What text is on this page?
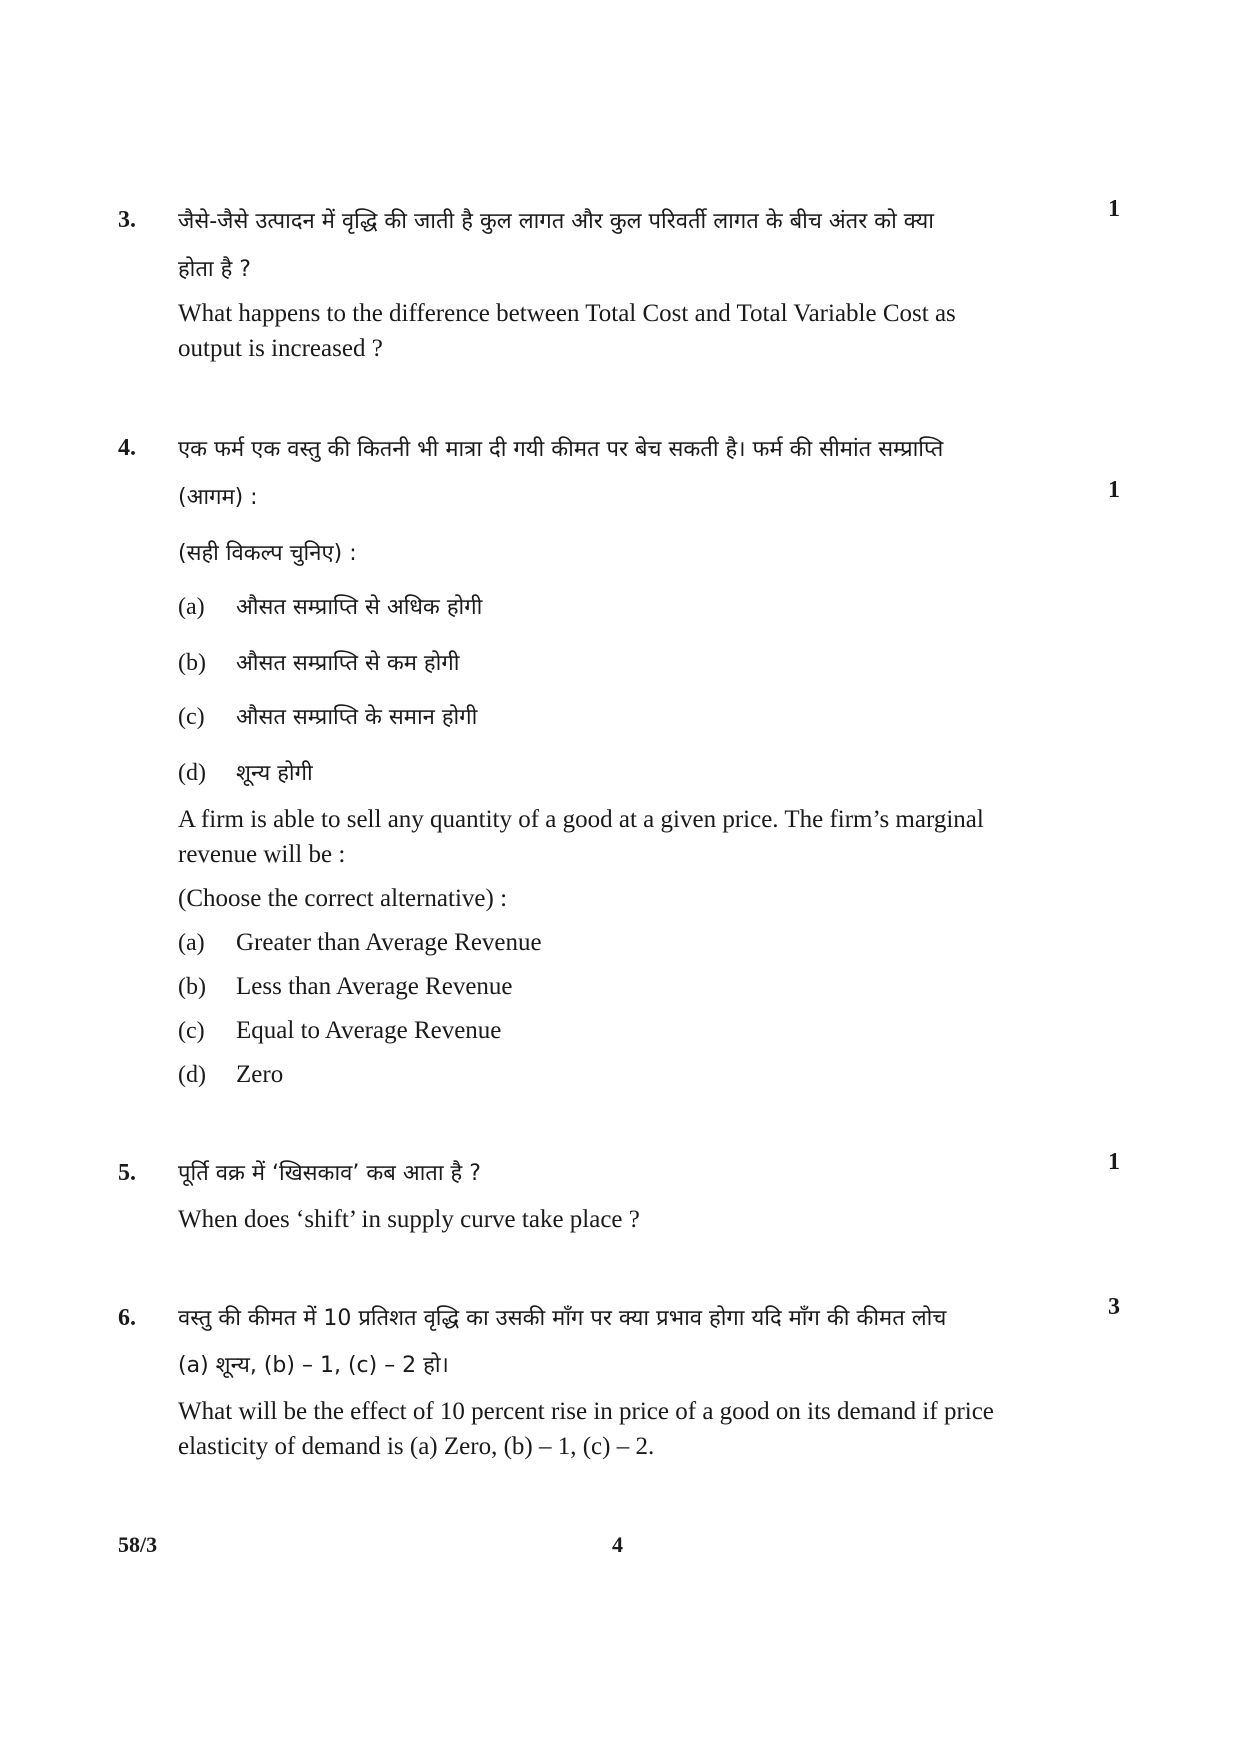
3.	1
जैसे-जैसे उत्पादन में वृद्धि की जाती है कुल लागत और कुल परिवर्ती लागत के बीच अंतर को क्या
होता है ?
What happens to the difference between Total Cost and Total Variable Cost as
output is increased ?
4.
1
एक फर्म एक वस्तु की कितनी भी मात्रा दी गयी कीमत पर बेच सकती है। फर्म की सीमांत सम्प्राप्ति
(आगम) :
(सही विकल्प चुनिए) :
(a) औसत सम्प्राप्ति से अधिक होगी
(b) औसत सम्प्राप्ति से कम होगी
(c) औसत सम्प्राप्ति के समान होगी
(d) शून्य होगी
A firm is able to sell any quantity of a good at a given price. The firm’s marginal
revenue will be :
(Choose the correct alternative) :
(a) Greater than Average Revenue
(b) Less than Average Revenue
(c) Equal to Average Revenue
(d) Zero
5.	1
पूर्ति वक्र में ‘खिसकाव’ कब आता है ?
When does ‘shift’ in supply curve take place ?
6.	3
वस्तु की कीमत में 10 प्रतिशत वृद्धि का उसकी माँग पर क्या प्रभाव होगा यदि माँग की कीमत लोच
(a) शून्य, (b) – 1, (c) – 2 हो।
What will be the effect of 10 percent rise in price of a good on its demand if price
elasticity of demand is (a) Zero, (b) – 1, (c) – 2.
58/3	4
